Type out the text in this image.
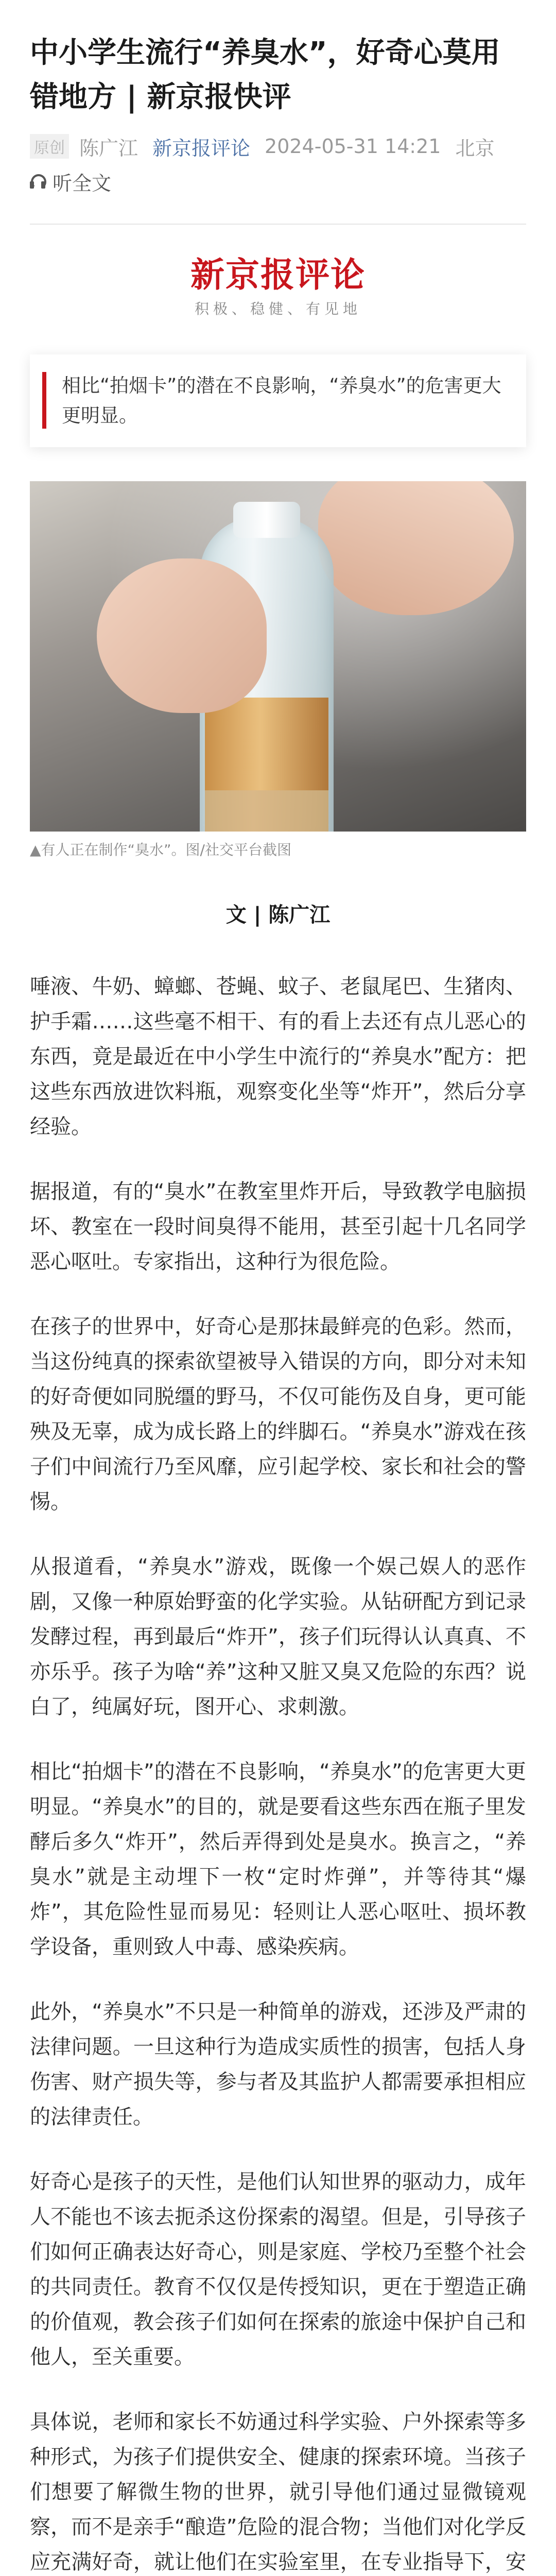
中小学生流行“养臭水”，好奇心莫用错地方 | 新京报快评
原创 陈广江 新京报评论 2024-05-31 14:21 北京
听全文
新京报评论
积极、稳健、有见地
相比“拍烟卡”的潜在不良影响，“养臭水”的危害更大更明显。
▲有人正在制作“臭水”。图/社交平台截图
文 | 陈广江

唾液、牛奶、蟑螂、苍蝇、蚊子、老鼠尾巴、生猪肉、护手霜……这些毫不相干、有的看上去还有点儿恶心的东西，竟是最近在中小学生中流行的“养臭水”配方：把这些东西放进饮料瓶，观察变化坐等“炸开”，然后分享经验。

据报道，有的“臭水”在教室里炸开后，导致教学电脑损坏、教室在一段时间臭得不能用，甚至引起十几名同学恶心呕吐。专家指出，这种行为很危险。

在孩子的世界中，好奇心是那抹最鲜亮的色彩。然而，当这份纯真的探索欲望被导入错误的方向，即分对未知的好奇便如同脱缰的野马，不仅可能伤及自身，更可能殃及无辜，成为成长路上的绊脚石。“养臭水”游戏在孩子们中间流行乃至风靡，应引起学校、家长和社会的警惕。

从报道看，“养臭水”游戏，既像一个娱己娱人的恶作剧，又像一种原始野蛮的化学实验。从钻研配方到记录发酵过程，再到最后“炸开”，孩子们玩得认认真真、不亦乐乎。孩子为啥“养”这种又脏又臭又危险的东西？说白了，纯属好玩，图开心、求刺激。

相比“拍烟卡”的潜在不良影响，“养臭水”的危害更大更明显。“养臭水”的目的，就是要看这些东西在瓶子里发酵后多久“炸开”，然后弄得到处是臭水。换言之，“养臭水”就是主动埋下一枚“定时炸弹”，并等待其“爆炸”，其危险性显而易见：轻则让人恶心呕吐、损坏教学设备，重则致人中毒、感染疾病。

此外，“养臭水”不只是一种简单的游戏，还涉及严肃的法律问题。一旦这种行为造成实质性的损害，包括人身伤害、财产损失等，参与者及其监护人都需要承担相应的法律责任。

好奇心是孩子的天性，是他们认知世界的驱动力，成年人不能也不该去扼杀这份探索的渴望。但是，引导孩子们如何正确表达好奇心，则是家庭、学校乃至整个社会的共同责任。教育不仅仅是传授知识，更在于塑造正确的价值观，教会孩子们如何在探索的旅途中保护自己和他人，至关重要。

具体说，老师和家长不妨通过科学实验、户外探索等多种形式，为孩子们提供安全、健康的探索环境。当孩子们想要了解微生物的世界，就引导他们通过显微镜观察，而不是亲手“酿造”危险的混合物；当他们对化学反应充满好奇，就让他们在实验室里，在专业指导下，安
